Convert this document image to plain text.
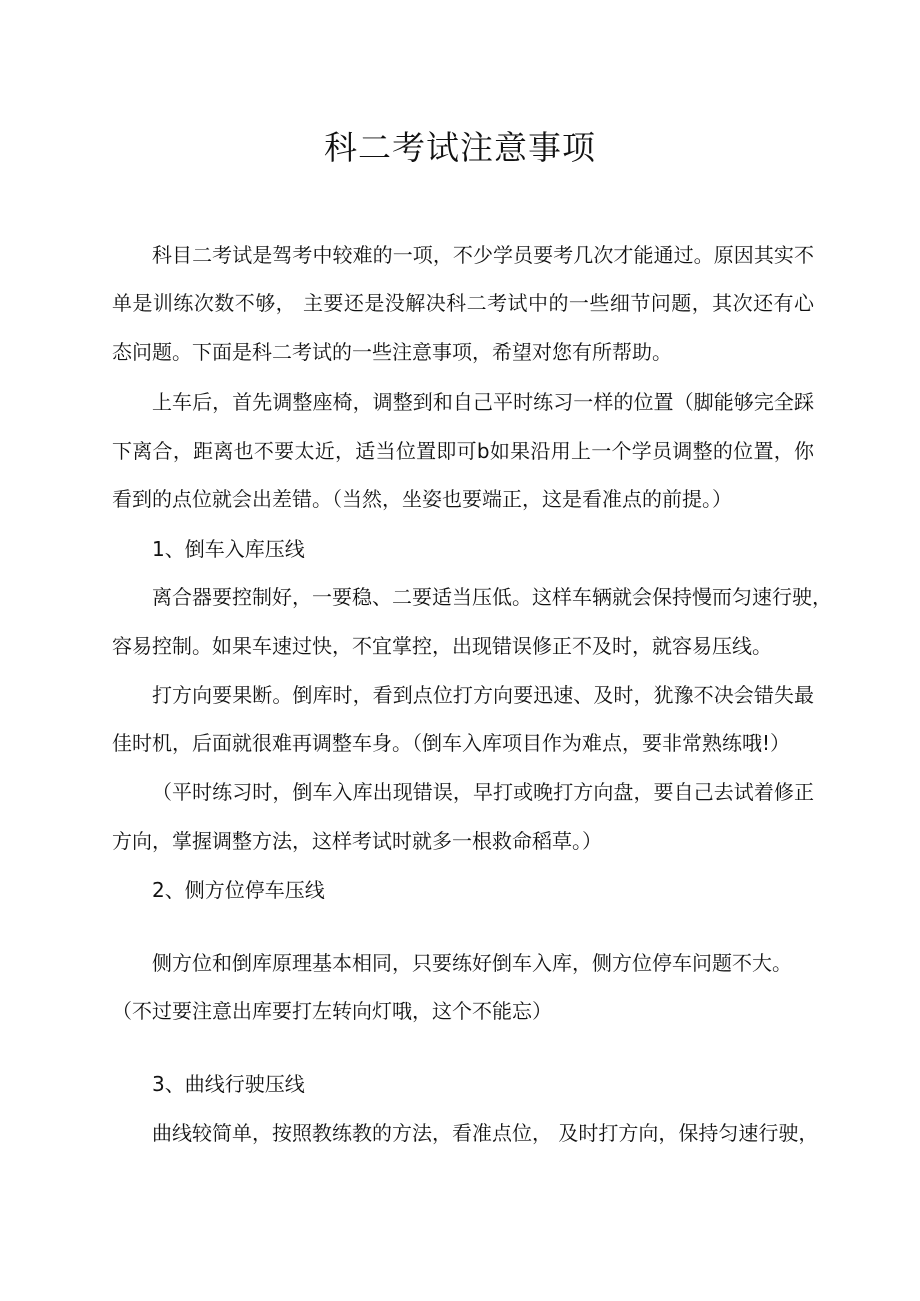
科二考试注意事项
科目二考试是驾考中较难的一项，不少学员要考几次才能通过。原因其实不
单是训练次数不够， 主要还是没解决科二考试中的一些细节问题，其次还有心
态问题。下面是科二考试的一些注意事项，希望对您有所帮助。
上车后，首先调整座椅，调整到和自己平时练习一样的位置（脚能够完全踩
下离合，距离也不要太近，适当位置即可b如果沿用上一个学员调整的位置，你
看到的点位就会出差错。（当然，坐姿也要端正，这是看准点的前提。）
1、倒车入库压线
离合器要控制好，一要稳、二要适当压低。这样车辆就会保持慢而匀速行驶，
容易控制。如果车速过快，不宜掌控，出现错误修正不及时，就容易压线。
打方向要果断。倒库时，看到点位打方向要迅速、及时，犹豫不决会错失最
佳时机，后面就很难再调整车身。（倒车入库项目作为难点，要非常熟练哦!）
（平时练习时，倒车入库出现错误，早打或晚打方向盘，要自己去试着修正
方向，掌握调整方法，这样考试时就多一根救命稻草。）
2、侧方位停车压线
侧方位和倒库原理基本相同，只要练好倒车入库，侧方位停车问题不大。
（不过要注意出库要打左转向灯哦，这个不能忘）
3、曲线行驶压线
曲线较简单，按照教练教的方法，看准点位， 及时打方向，保持匀速行驶，
